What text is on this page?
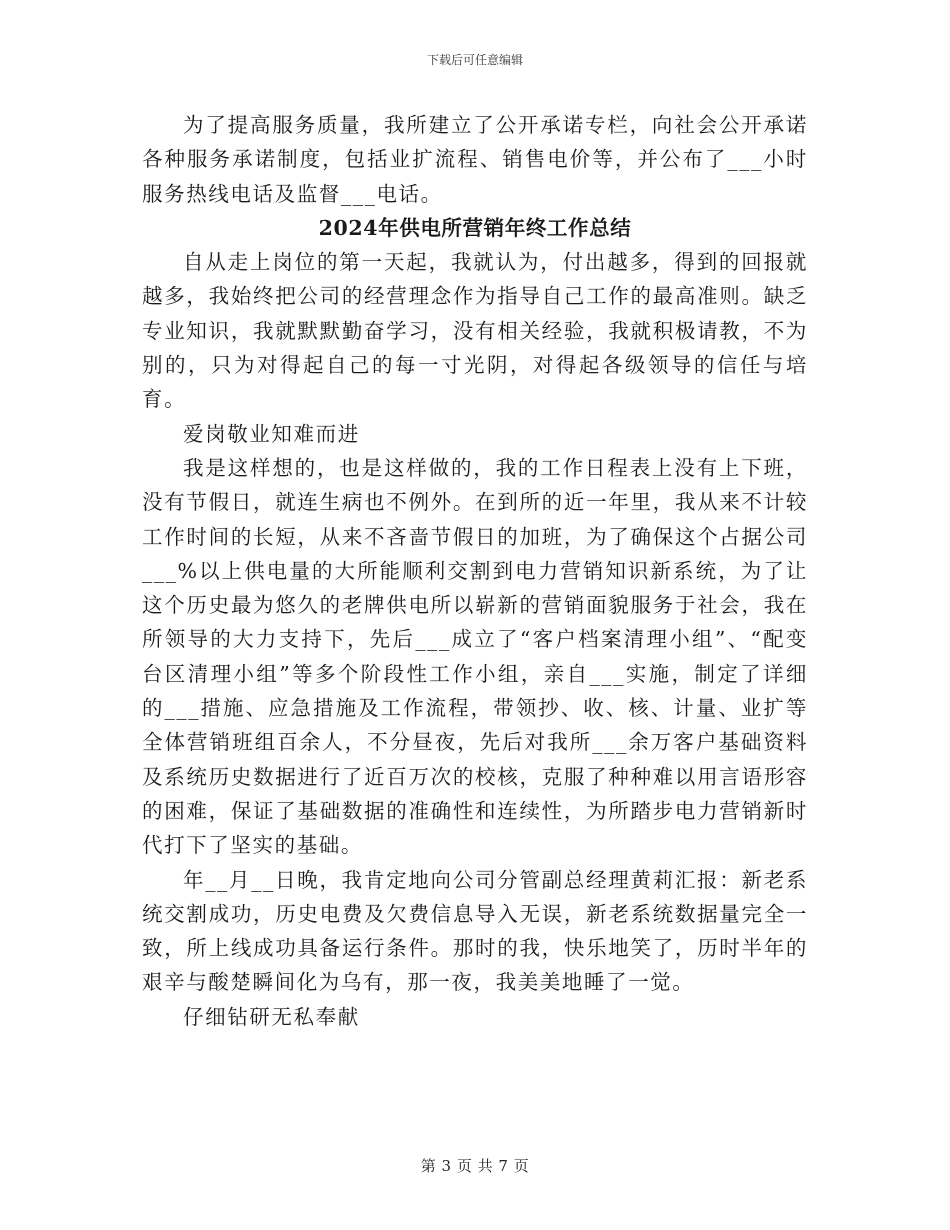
下载后可任意编辑

为了提高服务质量，我所建立了公开承诺专栏，向社会公开承诺各种服务承诺制度，包括业扩流程、销售电价等，并公布了___小时服务热线电话及监督___电话。

2024年供电所营销年终工作总结

自从走上岗位的第一天起，我就认为，付出越多，得到的回报就越多，我始终把公司的经营理念作为指导自己工作的最高准则。缺乏专业知识，我就默默勤奋学习，没有相关经验，我就积极请教，不为别的，只为对得起自己的每一寸光阴，对得起各级领导的信任与培育。

爱岗敬业知难而进

我是这样想的，也是这样做的，我的工作日程表上没有上下班，没有节假日，就连生病也不例外。在到所的近一年里，我从来不计较工作时间的长短，从来不吝啬节假日的加班，为了确保这个占据公司___%以上供电量的大所能顺利交割到电力营销知识新系统，为了让这个历史最为悠久的老牌供电所以崭新的营销面貌服务于社会，我在所领导的大力支持下，先后___成立了“客户档案清理小组”、“配变台区清理小组”等多个阶段性工作小组，亲自___实施，制定了详细的___措施、应急措施及工作流程，带领抄、收、核、计量、业扩等全体营销班组百余人，不分昼夜，先后对我所___余万客户基础资料及系统历史数据进行了近百万次的校核，克服了种种难以用言语形容的困难，保证了基础数据的准确性和连续性，为所踏步电力营销新时代打下了坚实的基础。

年__月__日晚，我肯定地向公司分管副总经理黄莉汇报：新老系统交割成功，历史电费及欠费信息导入无误，新老系统数据量完全一致，所上线成功具备运行条件。那时的我，快乐地笑了，历时半年的艰辛与酸楚瞬间化为乌有，那一夜，我美美地睡了一觉。

仔细钻研无私奉献

第 3 页 共 7 页
